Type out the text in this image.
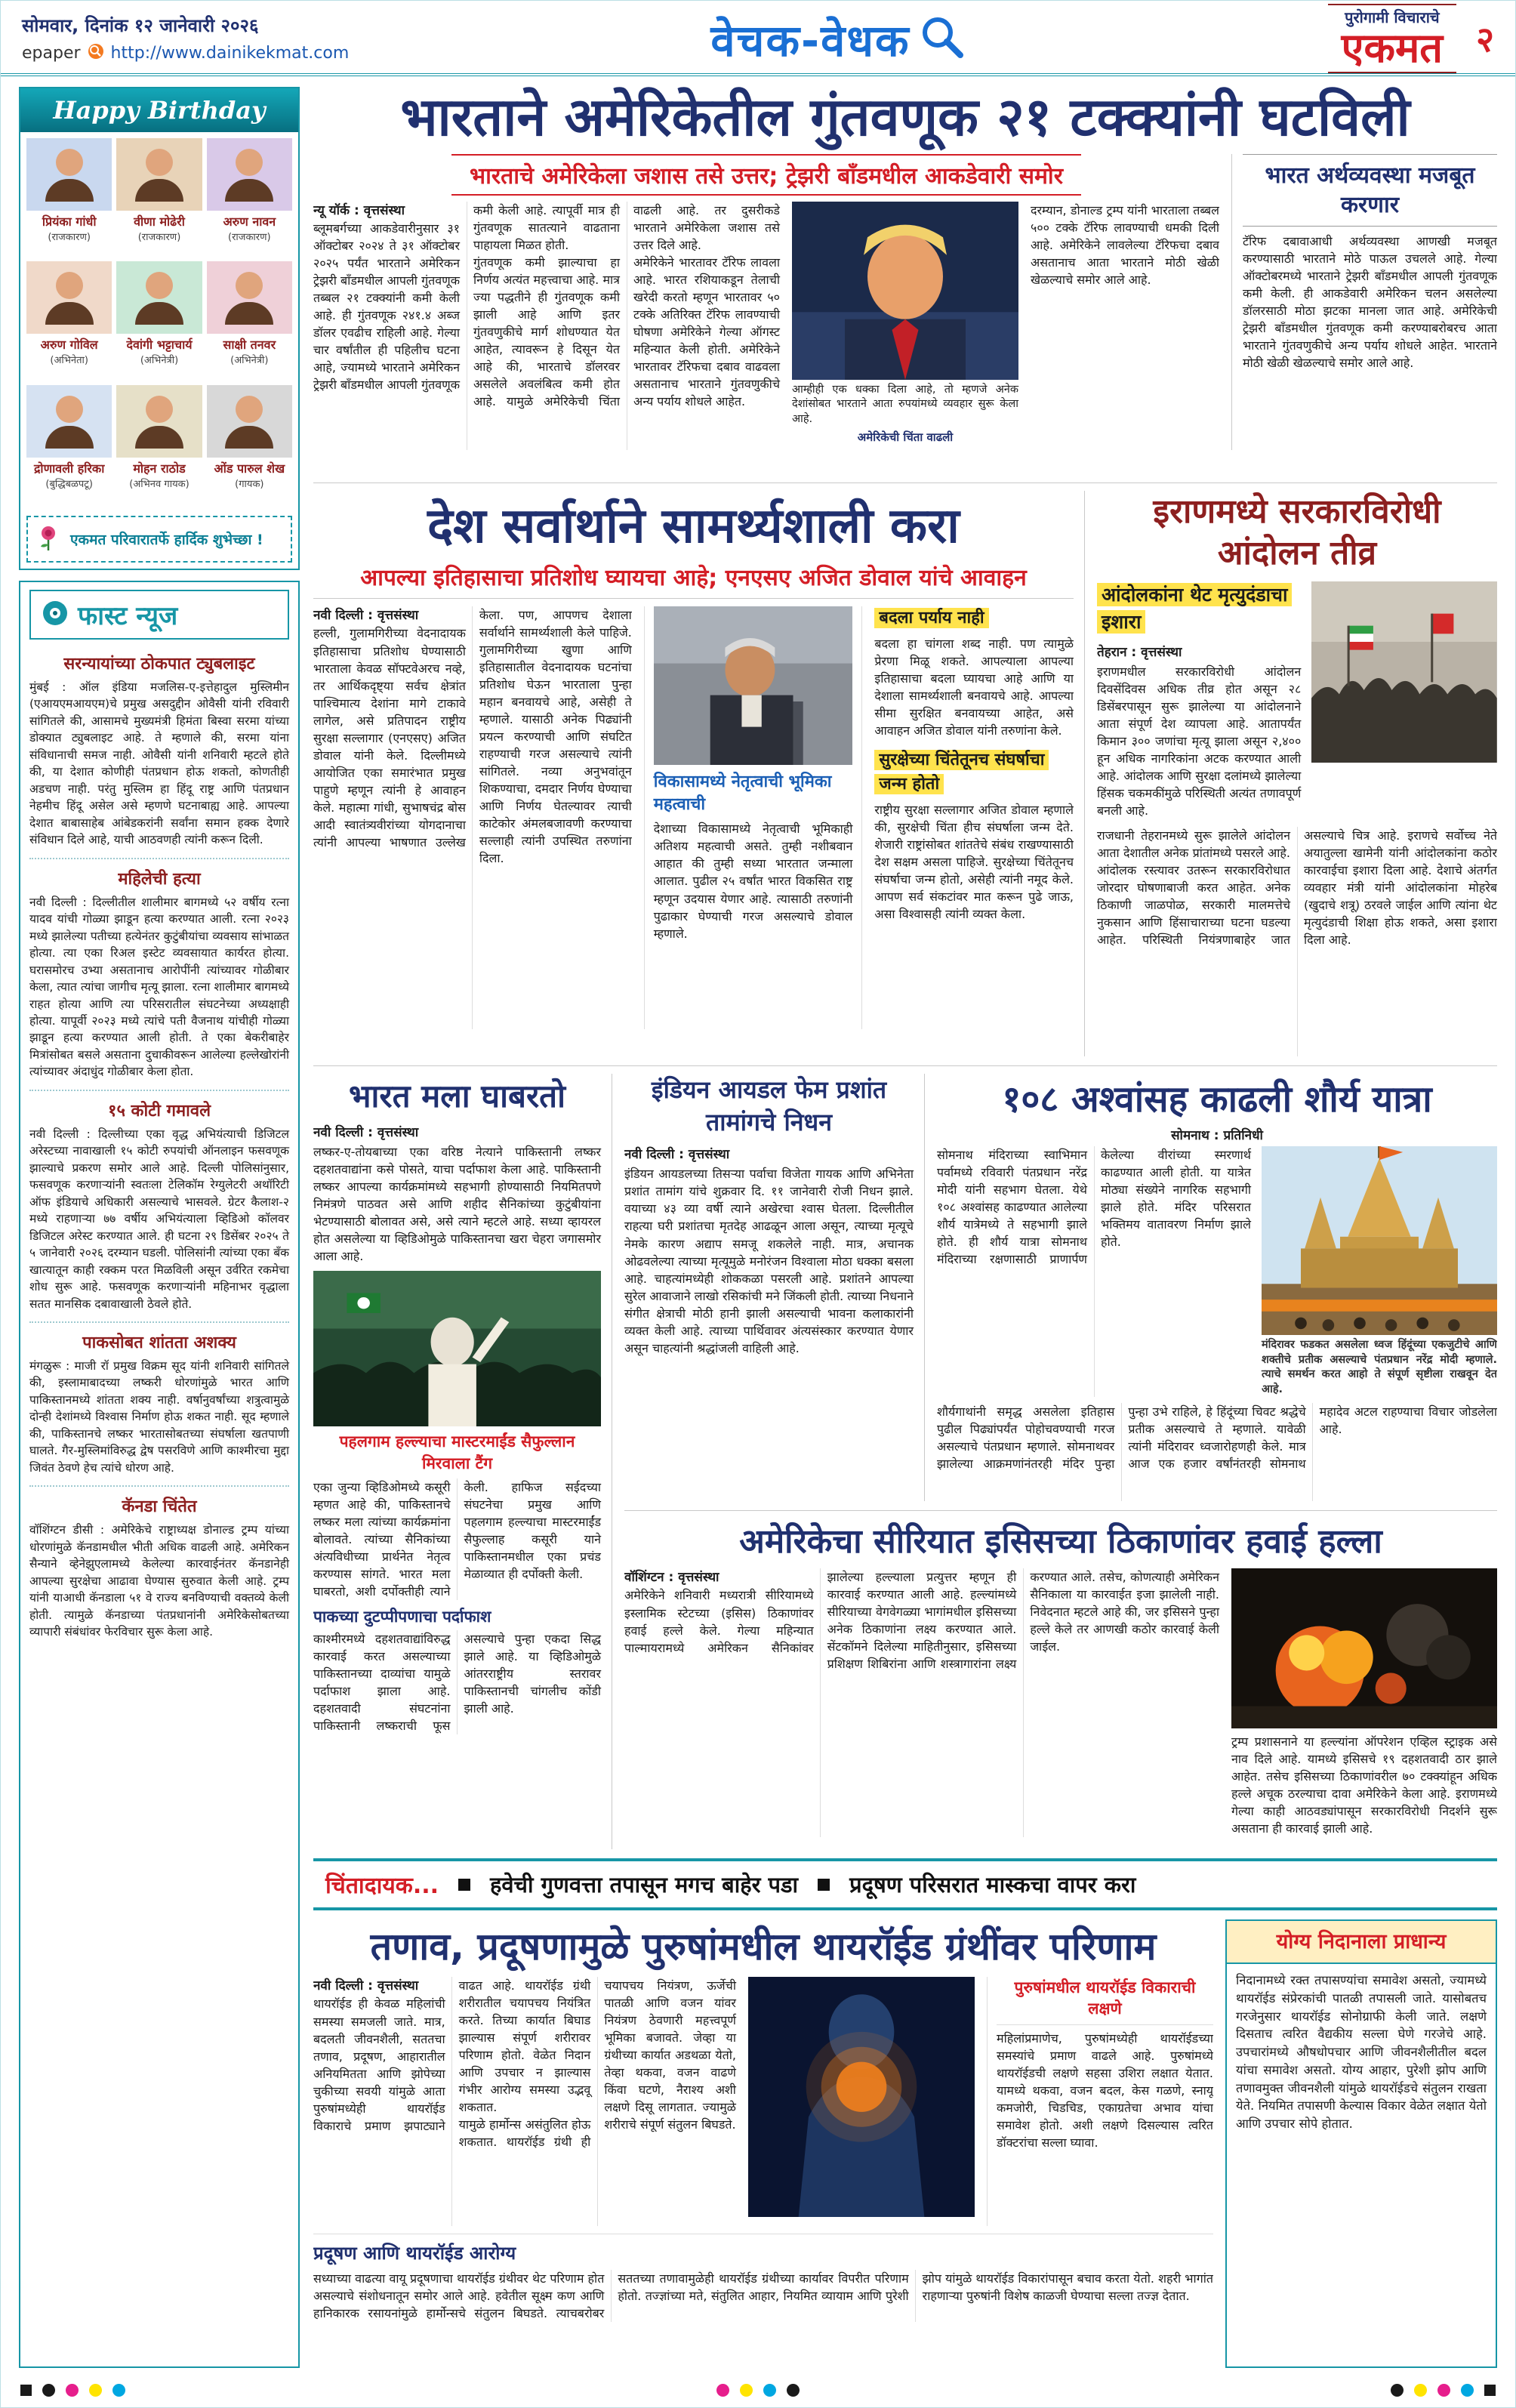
सोमवार, दिनांक १२ जानेवारी २०२६
epaper http://www.dainikekmat.com	वेचक-वेधक	पुरोगामी विचाराचे
एकमत २
Happy Birthday
प्रियंका गांधी
(राजकारण)
वीणा मोढेरी
(राजकारण)
अरुण नावन
(राजकारण)
अरुण गोविल
(अभिनेता)
देवांगी भट्टाचार्य
(अभिनेत्री)
साक्षी तनवर
(अभिनेत्री)
द्रोणावली हरिका
(बुद्धिबळपटू)
मोहन राठोड
(अभिनव गायक)
ओंड पारुल शेख
(गायक)
एकमत परिवारातर्फे हार्दिक शुभेच्छा !
फास्ट न्यूज
सरन्यायांच्या ठोकपात ट्युबलाइट

मुंबई : ऑल इंडिया मजलिस-ए-इत्तेहादुल मुस्लिमीन (एआयएमआयएम)चे प्रमुख असदुद्दीन ओवैसी यांनी रविवारी सांगितले की, आसामचे मुख्यमंत्री हिमंता बिस्वा सरमा यांच्या डोक्यात ट्युबलाइट आहे. ते म्हणाले की, सरमा यांना संविधानाची समज नाही. ओवैसी यांनी शनिवारी म्हटले होते की, या देशात कोणीही पंतप्रधान होऊ शकतो, कोणतीही अडचण नाही. परंतु मुस्लिम हा हिंदू राष्ट्र आणि पंतप्रधान नेहमीच हिंदू असेल असे म्हणणे घटनाबाह्य आहे. आपल्या देशात बाबासाहेब आंबेडकरांनी सर्वांना समान हक्क देणारे संविधान दिले आहे, याची आठवणही त्यांनी करून दिली.

महिलेची हत्या

नवी दिल्ली : दिल्लीतील शालीमार बागमध्ये ५२ वर्षीय रत्ना यादव यांची गोळ्या झाडून हत्या करण्यात आली. रत्ना २०२३ मध्ये झालेल्या पतीच्या हत्येनंतर कुटुंबीयांचा व्यवसाय सांभाळत होत्या. त्या एका रिअल इस्टेट व्यवसायात कार्यरत होत्या. घरासमोरच उभ्या असतानाच आरोपींनी त्यांच्यावर गोळीबार केला, त्यात त्यांचा जागीच मृत्यू झाला. रत्ना शालीमार बागमध्ये राहत होत्या आणि त्या परिसरातील संघटनेच्या अध्यक्षाही होत्या. यापूर्वी २०२३ मध्ये त्यांचे पती वैजनाथ यांचीही गोळ्या झाडून हत्या करण्यात आली होती. ते एका बेकरीबाहेर मित्रांसोबत बसले असताना दुचाकीवरून आलेल्या हल्लेखोरांनी त्यांच्यावर अंदाधुंद गोळीबार केला होता.

१५ कोटी गमावले

नवी दिल्ली : दिल्लीच्या एका वृद्ध अभियंत्याची डिजिटल अरेस्टच्या नावाखाली १५ कोटी रुपयांची ऑनलाइन फसवणूक झाल्याचे प्रकरण समोर आले आहे. दिल्ली पोलिसांनुसार, फसवणूक करणाऱ्यांनी स्वतःला टेलिकॉम रेग्युलेटरी अथॉरिटी ऑफ इंडियाचे अधिकारी असल्याचे भासवले. ग्रेटर कैलाश-२ मध्ये राहणाऱ्या ७७ वर्षीय अभियंत्याला व्हिडिओ कॉलवर डिजिटल अरेस्ट करण्यात आले. ही घटना २९ डिसेंबर २०२५ ते ५ जानेवारी २०२६ दरम्यान घडली. पोलिसांनी त्यांच्या एका बँक खात्यातून काही रक्कम परत मिळविली असून उर्वरित रकमेचा शोध सुरू आहे. फसवणूक करणाऱ्यांनी महिनाभर वृद्धाला सतत मानसिक दबावाखाली ठेवले होते.

पाकसोबत शांतता अशक्य

मंगळुरू : माजी रॉ प्रमुख विक्रम सूद यांनी शनिवारी सांगितले की, इस्लामाबादच्या लष्करी धोरणांमुळे भारत आणि पाकिस्तानमध्ये शांतता शक्य नाही. वर्षानुवर्षांच्या शत्रुत्वामुळे दोन्ही देशांमध्ये विश्वास निर्माण होऊ शकत नाही. सूद म्हणाले की, पाकिस्तानचे लष्कर भारतासोबतच्या संघर्षाला खतपाणी घालते. गैर-मुस्लिमांविरुद्ध द्वेष पसरविणे आणि काश्मीरचा मुद्दा जिवंत ठेवणे हेच त्यांचे धोरण आहे.

कॅनडा चिंतेत

वॉशिंग्टन डीसी : अमेरिकेचे राष्ट्राध्यक्ष डोनाल्ड ट्रम्प यांच्या धोरणांमुळे कॅनडामधील भीती अधिक वाढली आहे. अमेरिकन सैन्याने व्हेनेझुएलामध्ये केलेल्या कारवाईनंतर कॅनडानेही आपल्या सुरक्षेचा आढावा घेण्यास सुरुवात केली आहे. ट्रम्प यांनी याआधी कॅनडाला ५१ वे राज्य बनविण्याची वक्तव्ये केली होती. त्यामुळे कॅनडाच्या पंतप्रधानांनी अमेरिकेसोबतच्या व्यापारी संबंधांवर फेरविचार सुरू केला आहे.

भारताने अमेरिकेतील गुंतवणूक २१ टक्क्यांनी घटविली
भारताचे अमेरिकेला जशास तसे उत्तर; ट्रेझरी बाँडमधील आकडेवारी समोर
न्यू यॉर्क : वृत्तसंस्था

ब्लूमबर्गच्या आकडेवारीनुसार ३१ ऑक्टोबर २०२४ ते ३१ ऑक्टोबर २०२५ पर्यंत भारताने अमेरिकन ट्रेझरी बाँडमधील आपली गुंतवणूक तब्बल २१ टक्क्यांनी कमी केली आहे. ही गुंतवणूक २४१.४ अब्ज डॉलर एवढीच राहिली आहे. गेल्या चार वर्षांतील ही पहिलीच घटना आहे, ज्यामध्ये भारताने अमेरिकन ट्रेझरी बाँडमधील आपली गुंतवणूक कमी केली आहे. त्यापूर्वी मात्र ही गुंतवणूक सातत्याने वाढताना पाहायला मिळत होती.

गुंतवणूक कमी झाल्याचा हा निर्णय अत्यंत महत्त्वाचा आहे. मात्र ज्या पद्धतीने ही गुंतवणूक कमी झाली आहे आणि इतर गुंतवणुकीचे मार्ग शोधण्यात येत आहेत, त्यावरून हे दिसून येत आहे की, भारताचे डॉलरवर असलेले अवलंबित्व कमी होत आहे. यामुळे अमेरिकेची चिंता वाढली आहे. तर दुसरीकडे भारताने अमेरिकेला जशास तसे उत्तर दिले आहे.

अमेरिकेने भारतावर टॅरिफ लावला आहे. भारत रशियाकडून तेलाची खरेदी करतो म्हणून भारतावर ५० टक्के अतिरिक्त टॅरिफ लावण्याची घोषणा अमेरिकेने गेल्या ऑगस्ट महिन्यात केली होती. अमेरिकेने भारतावर टॅरिफचा दबाव वाढवला असतानाच भारताने गुंतवणुकीचे अन्य पर्याय शोधले आहेत.

आम्हीही एक धक्का दिला आहे, तो म्हणजे अनेक देशांसोबत भारताने आता रुपयांमध्ये व्यवहार सुरू केला आहे.
अमेरिकेची चिंता वाढली

दरम्यान, डोनाल्ड ट्रम्प यांनी भारताला तब्बल ५०० टक्के टॅरिफ लावण्याची धमकी दिली आहे. अमेरिकेने लावलेल्या टॅरिफचा दबाव असतानाच आता भारताने मोठी खेळी खेळल्याचे समोर आले आहे.

भारत अर्थव्यवस्था मजबूत करणार

टॅरिफ दबावाआधी अर्थव्यवस्था आणखी मजबूत करण्यासाठी भारताने मोठे पाऊल उचलले आहे. गेल्या ऑक्टोबरमध्ये भारताने ट्रेझरी बाँडमधील आपली गुंतवणूक कमी केली. ही आकडेवारी अमेरिकन चलन असलेल्या डॉलरसाठी मोठा झटका मानला जात आहे. अमेरिकेची ट्रेझरी बाँडमधील गुंतवणूक कमी करण्याबरोबरच आता भारताने गुंतवणुकीचे अन्य पर्याय शोधले आहेत. भारताने मोठी खेळी खेळल्याचे समोर आले आहे.

देश सर्वार्थाने सामर्थ्यशाली करा
आपल्या इतिहासाचा प्रतिशोध घ्यायचा आहे; एनएसए अजित डोवाल यांचे आवाहन
नवी दिल्ली : वृत्तसंस्था

हल्ली, गुलामगिरीच्या वेदनादायक इतिहासाचा प्रतिशोध घेण्यासाठी भारताला केवळ सॉफ्टवेअरच नव्हे, तर आर्थिकदृष्ट्या सर्वच क्षेत्रांत पाश्चिमात्य देशांना मागे टाकावे लागेल, असे प्रतिपादन राष्ट्रीय सुरक्षा सल्लागार (एनएसए) अजित डोवाल यांनी केले. दिल्लीमध्ये आयोजित एका समारंभात प्रमुख पाहुणे म्हणून त्यांनी हे आवाहन केले. महात्मा गांधी, सुभाषचंद्र बोस आदी स्वातंत्र्यवीरांच्या योगदानाचा त्यांनी आपल्या भाषणात उल्लेख केला. पण, आपणच देशाला सर्वार्थाने सामर्थ्यशाली केले पाहिजे. गुलामगिरीच्या खुणा आणि इतिहासातील वेदनादायक घटनांचा प्रतिशोध घेऊन भारताला पुन्हा महान बनवायचे आहे, असेही ते म्हणाले. यासाठी अनेक पिढ्यांनी प्रयत्न करण्याची आणि संघटित राहण्याची गरज असल्याचे त्यांनी सांगितले. नव्या अनुभवांतून शिकण्याचा, दमदार निर्णय घेण्याचा आणि निर्णय घेतल्यावर त्याची काटेकोर अंमलबजावणी करण्याचा सल्लाही त्यांनी उपस्थित तरुणांना दिला.

विकासामध्ये नेतृत्वाची भूमिका महत्वाची

देशाच्या विकासामध्ये नेतृत्वाची भूमिकाही अतिशय महत्वाची असते. तुम्ही नशीबवान आहात की तुम्ही सध्या भारतात जन्माला आलात. पुढील २५ वर्षांत भारत विकसित राष्ट्र म्हणून उदयास येणार आहे. त्यासाठी तरुणांनी पुढाकार घेण्याची गरज असल्याचे डोवाल म्हणाले.

बदला पर्याय नाही

बदला हा चांगला शब्द नाही. पण त्यामुळे प्रेरणा मिळू शकते. आपल्याला आपल्या इतिहासाचा बदला घ्यायचा आहे आणि या देशाला सामर्थ्यशाली बनवायचे आहे. आपल्या सीमा सुरक्षित बनवायच्या आहेत, असे आवाहन अजित डोवाल यांनी तरुणांना केले.

सुरक्षेच्या चिंतेतूनच संघर्षाचा जन्म होतो

राष्ट्रीय सुरक्षा सल्लागार अजित डोवाल म्हणाले की, सुरक्षेची चिंता हीच संघर्षाला जन्म देते. शेजारी राष्ट्रांसोबत शांततेचे संबंध राखण्यासाठी देश सक्षम असला पाहिजे. सुरक्षेच्या चिंतेतूनच संघर्षाचा जन्म होतो, असेही त्यांनी नमूद केले. आपण सर्व संकटांवर मात करून पुढे जाऊ, असा विश्वासही त्यांनी व्यक्त केला.

इराणमध्ये सरकारविरोधी आंदोलन तीव्र
आंदोलकांना थेट मृत्युदंडाचा इशारा
तेहरान : वृत्तसंस्था

इराणमधील सरकारविरोधी आंदोलन दिवसेंदिवस अधिक तीव्र होत असून २८ डिसेंबरपासून सुरू झालेल्या या आंदोलनाने आता संपूर्ण देश व्यापला आहे. आतापर्यंत किमान ३०० जणांचा मृत्यू झाला असून २,४०० हून अधिक नागरिकांना अटक करण्यात आली आहे. आंदोलक आणि सुरक्षा दलांमध्ये झालेल्या हिंसक चकमकींमुळे परिस्थिती अत्यंत तणावपूर्ण बनली आहे.

राजधानी तेहरानमध्ये सुरू झालेले आंदोलन आता देशातील अनेक प्रांतांमध्ये पसरले आहे. आंदोलक रस्त्यावर उतरून सरकारविरोधात जोरदार घोषणाबाजी करत आहेत. अनेक ठिकाणी जाळपोळ, सरकारी मालमत्तेचे नुकसान आणि हिंसाचाराच्या घटना घडल्या आहेत. परिस्थिती नियंत्रणाबाहेर जात असल्याचे चित्र आहे. इराणचे सर्वोच्च नेते अयातुल्ला खामेनी यांनी आंदोलकांना कठोर कारवाईचा इशारा दिला आहे. देशाचे अंतर्गत व्यवहार मंत्री यांनी आंदोलकांना मोहरेब (खुदाचे शत्रू) ठरवले जाईल आणि त्यांना थेट मृत्युदंडाची शिक्षा होऊ शकते, असा इशारा दिला आहे.

भारत मला घाबरतो
नवी दिल्ली : वृत्तसंस्था

लष्कर-ए-तोयबाच्या एका वरिष्ठ नेत्याने पाकिस्तानी लष्कर दहशतवाद्यांना कसे पोसते, याचा पर्दाफाश केला आहे. पाकिस्तानी लष्कर आपल्या कार्यक्रमांमध्ये सहभागी होण्यासाठी नियमितपणे निमंत्रणे पाठवत असे आणि शहीद सैनिकांच्या कुटुंबीयांना भेटण्यासाठी बोलावत असे, असे त्याने म्हटले आहे. सध्या व्हायरल होत असलेल्या या व्हिडिओमुळे पाकिस्तानचा खरा चेहरा जगासमोर आला आहे.

पहलगाम हल्ल्याचा मास्टरमाईंड सैफुल्लान मिरवाला टैंग

एका जुन्या व्हिडिओमध्ये कसूरी म्हणत आहे की, पाकिस्तानचे लष्कर मला त्यांच्या कार्यक्रमांना बोलावते. त्यांच्या सैनिकांच्या अंत्यविधीच्या प्रार्थनेत नेतृत्व करण्यास सांगते. भारत मला घाबरतो, अशी दर्पोक्तीही त्याने केली. हाफिज सईदच्या संघटनेचा प्रमुख आणि पहलगाम हल्ल्याचा मास्टरमाईंड सैफुल्लाह कसूरी याने पाकिस्तानमधील एका प्रचंड मेळाव्यात ही दर्पोक्ती केली.

पाकच्या दुटप्पीपणाचा पर्दाफाश

काश्मीरमध्ये दहशतवाद्यांविरुद्ध कारवाई करत असल्याच्या पाकिस्तानच्या दाव्यांचा यामुळे पर्दाफाश झाला आहे. दहशतवादी संघटनांना पाकिस्तानी लष्कराची फूस असल्याचे पुन्हा एकदा सिद्ध झाले आहे. या व्हिडिओमुळे आंतरराष्ट्रीय स्तरावर पाकिस्तानची चांगलीच कोंडी झाली आहे.

इंडियन आयडल फेम प्रशांत तामांगचे निधन
नवी दिल्ली : वृत्तसंस्था

इंडियन आयडलच्या तिसऱ्या पर्वाचा विजेता गायक आणि अभिनेता प्रशांत तामांग यांचे शुक्रवार दि. ११ जानेवारी रोजी निधन झाले. वयाच्या ४३ व्या वर्षी त्याने अखेरचा श्वास घेतला. दिल्लीतील राहत्या घरी प्रशांतचा मृतदेह आढळून आला असून, त्याच्या मृत्यूचे नेमके कारण अद्याप समजू शकलेले नाही. मात्र, अचानक ओढवलेल्या त्याच्या मृत्यूमुळे मनोरंजन विश्वाला मोठा धक्का बसला आहे. चाहत्यांमध्येही शोककळा पसरली आहे. प्रशांतने आपल्या सुरेल आवाजाने लाखो रसिकांची मने जिंकली होती. त्याच्या निधनाने संगीत क्षेत्राची मोठी हानी झाली असल्याची भावना कलाकारांनी व्यक्त केली आहे. त्याच्या पार्थिवावर अंत्यसंस्कार करण्यात येणार असून चाहत्यांनी श्रद्धांजली वाहिली आहे.

१०८ अश्वांसह काढली शौर्य यात्रा
सोमनाथ : प्रतिनिधी

सोमनाथ मंदिराच्या स्वाभिमान पर्वामध्ये रविवारी पंतप्रधान नरेंद्र मोदी यांनी सहभाग घेतला. येथे १०८ अश्वांसह काढण्यात आलेल्या शौर्य यात्रेमध्ये ते सहभागी झाले होते. ही शौर्य यात्रा सोमनाथ मंदिराच्या रक्षणासाठी प्राणार्पण केलेल्या वीरांच्या स्मरणार्थ काढण्यात आली होती. या यात्रेत मोठ्या संख्येने नागरिक सहभागी झाले होते. मंदिर परिसरात भक्तिमय वातावरण निर्माण झाले होते.

मंदिरावर फडकत असलेला ध्वज हिंदूंच्या एकजुटीचे आणि शक्तीचे प्रतीक असल्याचे पंतप्रधान नरेंद्र मोदी म्हणाले. त्याचे समर्थन करत आहो ते संपूर्ण सृष्टीला राखवून देत आहे.

शौर्यगाथांनी समृद्ध असलेला इतिहास पुढील पिढ्यांपर्यंत पोहोचवण्याची गरज असल्याचे पंतप्रधान म्हणाले. सोमनाथवर झालेल्या आक्रमणांनंतरही मंदिर पुन्हा पुन्हा उभे राहिले, हे हिंदूंच्या चिवट श्रद्धेचे प्रतीक असल्याचे ते म्हणाले. यावेळी त्यांनी मंदिरावर ध्वजारोहणही केले. मात्र आज एक हजार वर्षांनंतरही सोमनाथ महादेव अटल राहण्याचा विचार जोडलेला आहे.

अमेरिकेचा सीरियात इसिसच्या ठिकाणांवर हवाई हल्ला
वॉशिंग्टन : वृत्तसंस्था

अमेरिकेने शनिवारी मध्यरात्री सीरियामध्ये इस्लामिक स्टेटच्या (इसिस) ठिकाणांवर हवाई हल्ले केले. गेल्या महिन्यात पाल्मायरामध्ये अमेरिकन सैनिकांवर झालेल्या हल्ल्याला प्रत्युत्तर म्हणून ही कारवाई करण्यात आली आहे. हल्ल्यांमध्ये सीरियाच्या वेगवेगळ्या भागांमधील इसिसच्या अनेक ठिकाणांना लक्ष्य करण्यात आले. सेंटकॉमने दिलेल्या माहितीनुसार, इसिसच्या प्रशिक्षण शिबिरांना आणि शस्त्रागारांना लक्ष्य करण्यात आले. तसेच, कोणत्याही अमेरिकन सैनिकाला या कारवाईत इजा झालेली नाही. निवेदनात म्हटले आहे की, जर इसिसने पुन्हा हल्ले केले तर आणखी कठोर कारवाई केली जाईल.

ट्रम्प प्रशासनाने या हल्ल्यांना ऑपरेशन एव्हिल स्ट्राइक असे नाव दिले आहे. यामध्ये इसिसचे १९ दहशतवादी ठार झाले आहेत. तसेच इसिसच्या ठिकाणांवरील ७० टक्क्यांहून अधिक हल्ले अचूक ठरल्याचा दावा अमेरिकेने केला आहे. इराणमध्ये गेल्या काही आठवड्यांपासून सरकारविरोधी निदर्शने सुरू असताना ही कारवाई झाली आहे.

चिंतादायक... हवेची गुणवत्ता तपासून मगच बाहेर पडा प्रदूषण परिसरात मास्कचा वापर करा
तणाव, प्रदूषणामुळे पुरुषांमधील थायरॉईड ग्रंथींवर परिणाम
नवी दिल्ली : वृत्तसंस्था

थायरॉईड ही केवळ महिलांची समस्या समजली जाते. मात्र, बदलती जीवनशैली, सततचा तणाव, प्रदूषण, आहारातील अनियमितता आणि झोपेच्या चुकीच्या सवयी यांमुळे आता पुरुषांमध्येही थायरॉईड विकाराचे प्रमाण झपाट्याने वाढत आहे. थायरॉईड ग्रंथी शरीरातील चयापचय नियंत्रित करते. तिच्या कार्यात बिघाड झाल्यास संपूर्ण शरीरावर परिणाम होतो. वेळेत निदान आणि उपचार न झाल्यास गंभीर आरोग्य समस्या उद्भवू शकतात.

यामुळे हार्मोन्स असंतुलित होऊ शकतात. थायरॉईड ग्रंथी ही चयापचय नियंत्रण, ऊर्जेची पातळी आणि वजन यांवर नियंत्रण ठेवणारी महत्त्वपूर्ण भूमिका बजावते. जेव्हा या ग्रंथीच्या कार्यात अडथळा येतो, तेव्हा थकवा, वजन वाढणे किंवा घटणे, नैराश्य अशी लक्षणे दिसू लागतात. ज्यामुळे शरीराचे संपूर्ण संतुलन बिघडते.

पुरुषांमधील थायरॉईड विकाराची लक्षणे

महिलांप्रमाणेच, पुरुषांमध्येही थायरॉईडच्या समस्यांचे प्रमाण वाढले आहे. पुरुषांमध्ये थायरॉईडची लक्षणे सहसा उशिरा लक्षात येतात. यामध्ये थकवा, वजन बदल, केस गळणे, स्नायू कमजोरी, चिडचिड, एकाग्रतेचा अभाव यांचा समावेश होतो. अशी लक्षणे दिसल्यास त्वरित डॉक्टरांचा सल्ला घ्यावा.

प्रदूषण आणि थायरॉईड आरोग्य

सध्याच्या वाढत्या वायू प्रदूषणाचा थायरॉईड ग्रंथीवर थेट परिणाम होत असल्याचे संशोधनातून समोर आले आहे. हवेतील सूक्ष्म कण आणि हानिकारक रसायनांमुळे हार्मोन्सचे संतुलन बिघडते. त्याचबरोबर सततच्या तणावामुळेही थायरॉईड ग्रंथीच्या कार्यावर विपरीत परिणाम होतो. तज्ज्ञांच्या मते, संतुलित आहार, नियमित व्यायाम आणि पुरेशी झोप यांमुळे थायरॉईड विकारांपासून बचाव करता येतो. शहरी भागांत राहणाऱ्या पुरुषांनी विशेष काळजी घेण्याचा सल्ला तज्ज्ञ देतात.

योग्य निदानाला प्राधान्य

निदानामध्ये रक्त तपासण्यांचा समावेश असतो, ज्यामध्ये थायरॉईड संप्रेरकांची पातळी तपासली जाते. यासोबतच गरजेनुसार थायरॉईड सोनोग्राफी केली जाते. लक्षणे दिसताच त्वरित वैद्यकीय सल्ला घेणे गरजेचे आहे. उपचारांमध्ये औषधोपचार आणि जीवनशैलीतील बदल यांचा समावेश असतो. योग्य आहार, पुरेशी झोप आणि तणावमुक्त जीवनशैली यांमुळे थायरॉईडचे संतुलन राखता येते. नियमित तपासणी केल्यास विकार वेळेत लक्षात येतो आणि उपचार सोपे होतात.
